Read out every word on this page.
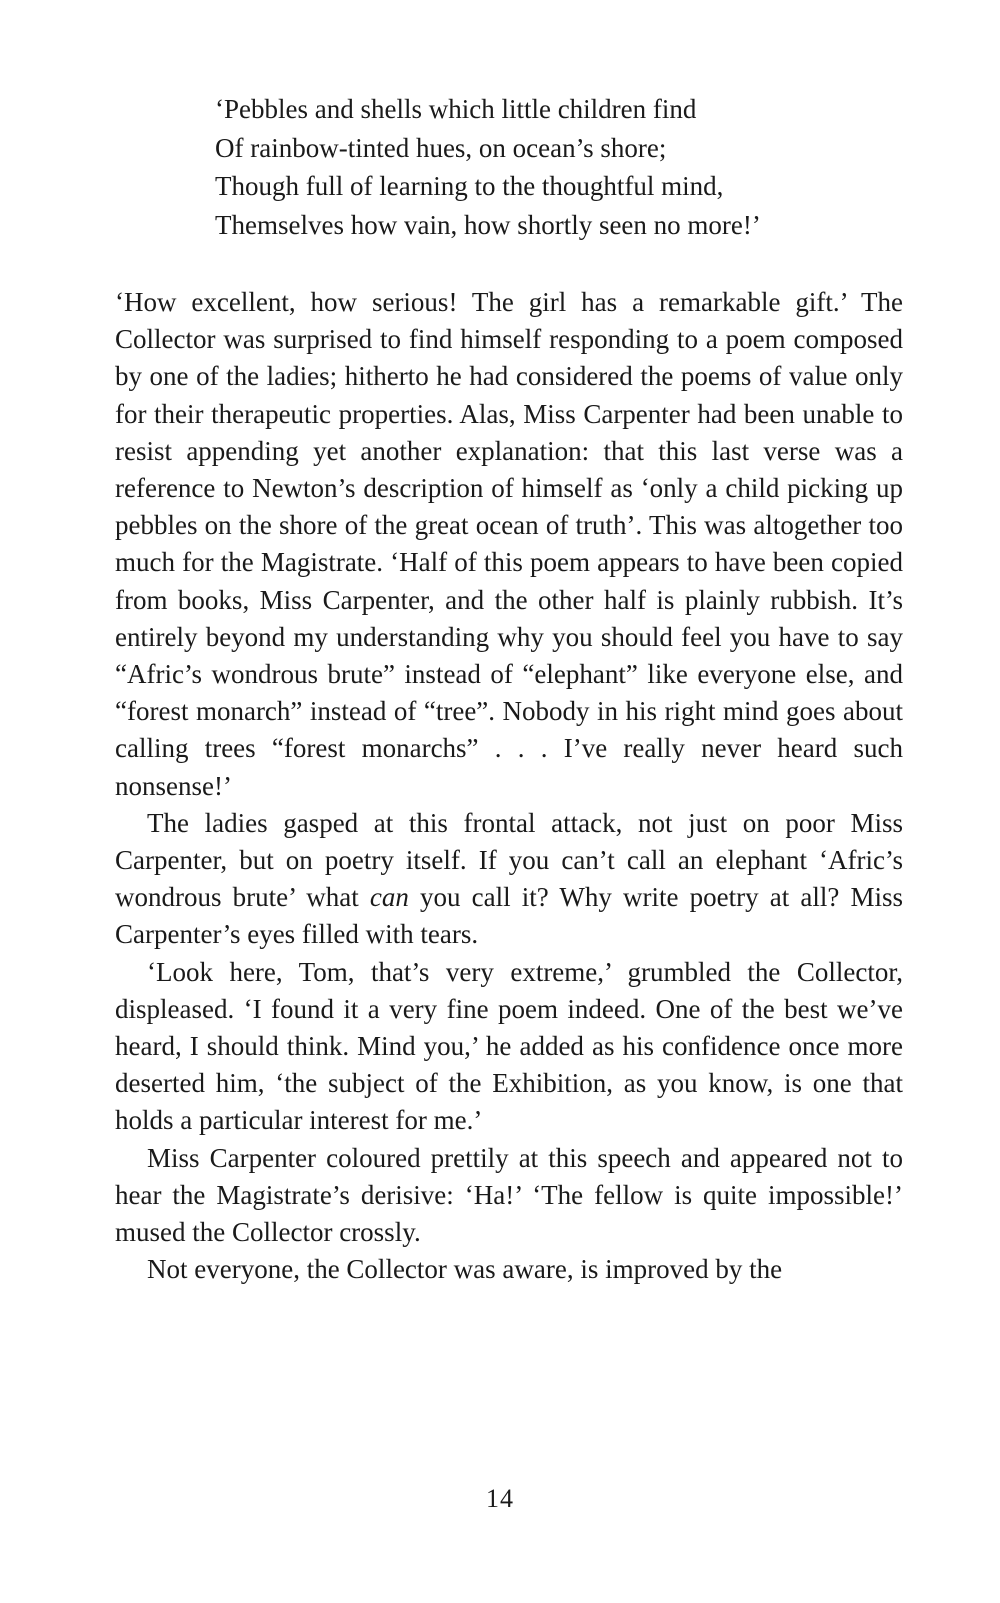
‘Pebbles and shells which little children find
Of rainbow-tinted hues, on ocean’s shore;
Though full of learning to the thoughtful mind,
Themselves how vain, how shortly seen no more!’

‘How excellent, how serious! The girl has a remarkable gift.’ The Collector was surprised to find himself responding to a poem composed by one of the ladies; hitherto he had considered the poems of value only for their therapeutic properties. Alas, Miss Carpenter had been unable to resist appending yet another explanation: that this last verse was a reference to Newton’s description of himself as ‘only a child picking up pebbles on the shore of the great ocean of truth’. This was altogether too much for the Magistrate. ‘Half of this poem appears to have been copied from books, Miss Carpenter, and the other half is plainly rubbish. It’s entirely beyond my understanding why you should feel you have to say “Afric’s wondrous brute” instead of “elephant” like everyone else, and “forest monarch” instead of “tree”. Nobody in his right mind goes about calling trees “forest monarchs” . . . I’ve really never heard such nonsense!’

The ladies gasped at this frontal attack, not just on poor Miss Carpenter, but on poetry itself. If you can’t call an elephant ‘Afric’s wondrous brute’ what can you call it? Why write poetry at all? Miss Carpenter’s eyes filled with tears.

‘Look here, Tom, that’s very extreme,’ grumbled the Collector, displeased. ‘I found it a very fine poem indeed. One of the best we’ve heard, I should think. Mind you,’ he added as his confidence once more deserted him, ‘the subject of the Exhibition, as you know, is one that holds a particular interest for me.’

Miss Carpenter coloured prettily at this speech and appeared not to hear the Magistrate’s derisive: ‘Ha!’ ‘The fellow is quite impossible!’ mused the Collector crossly.

Not everyone, the Collector was aware, is improved by the

14
